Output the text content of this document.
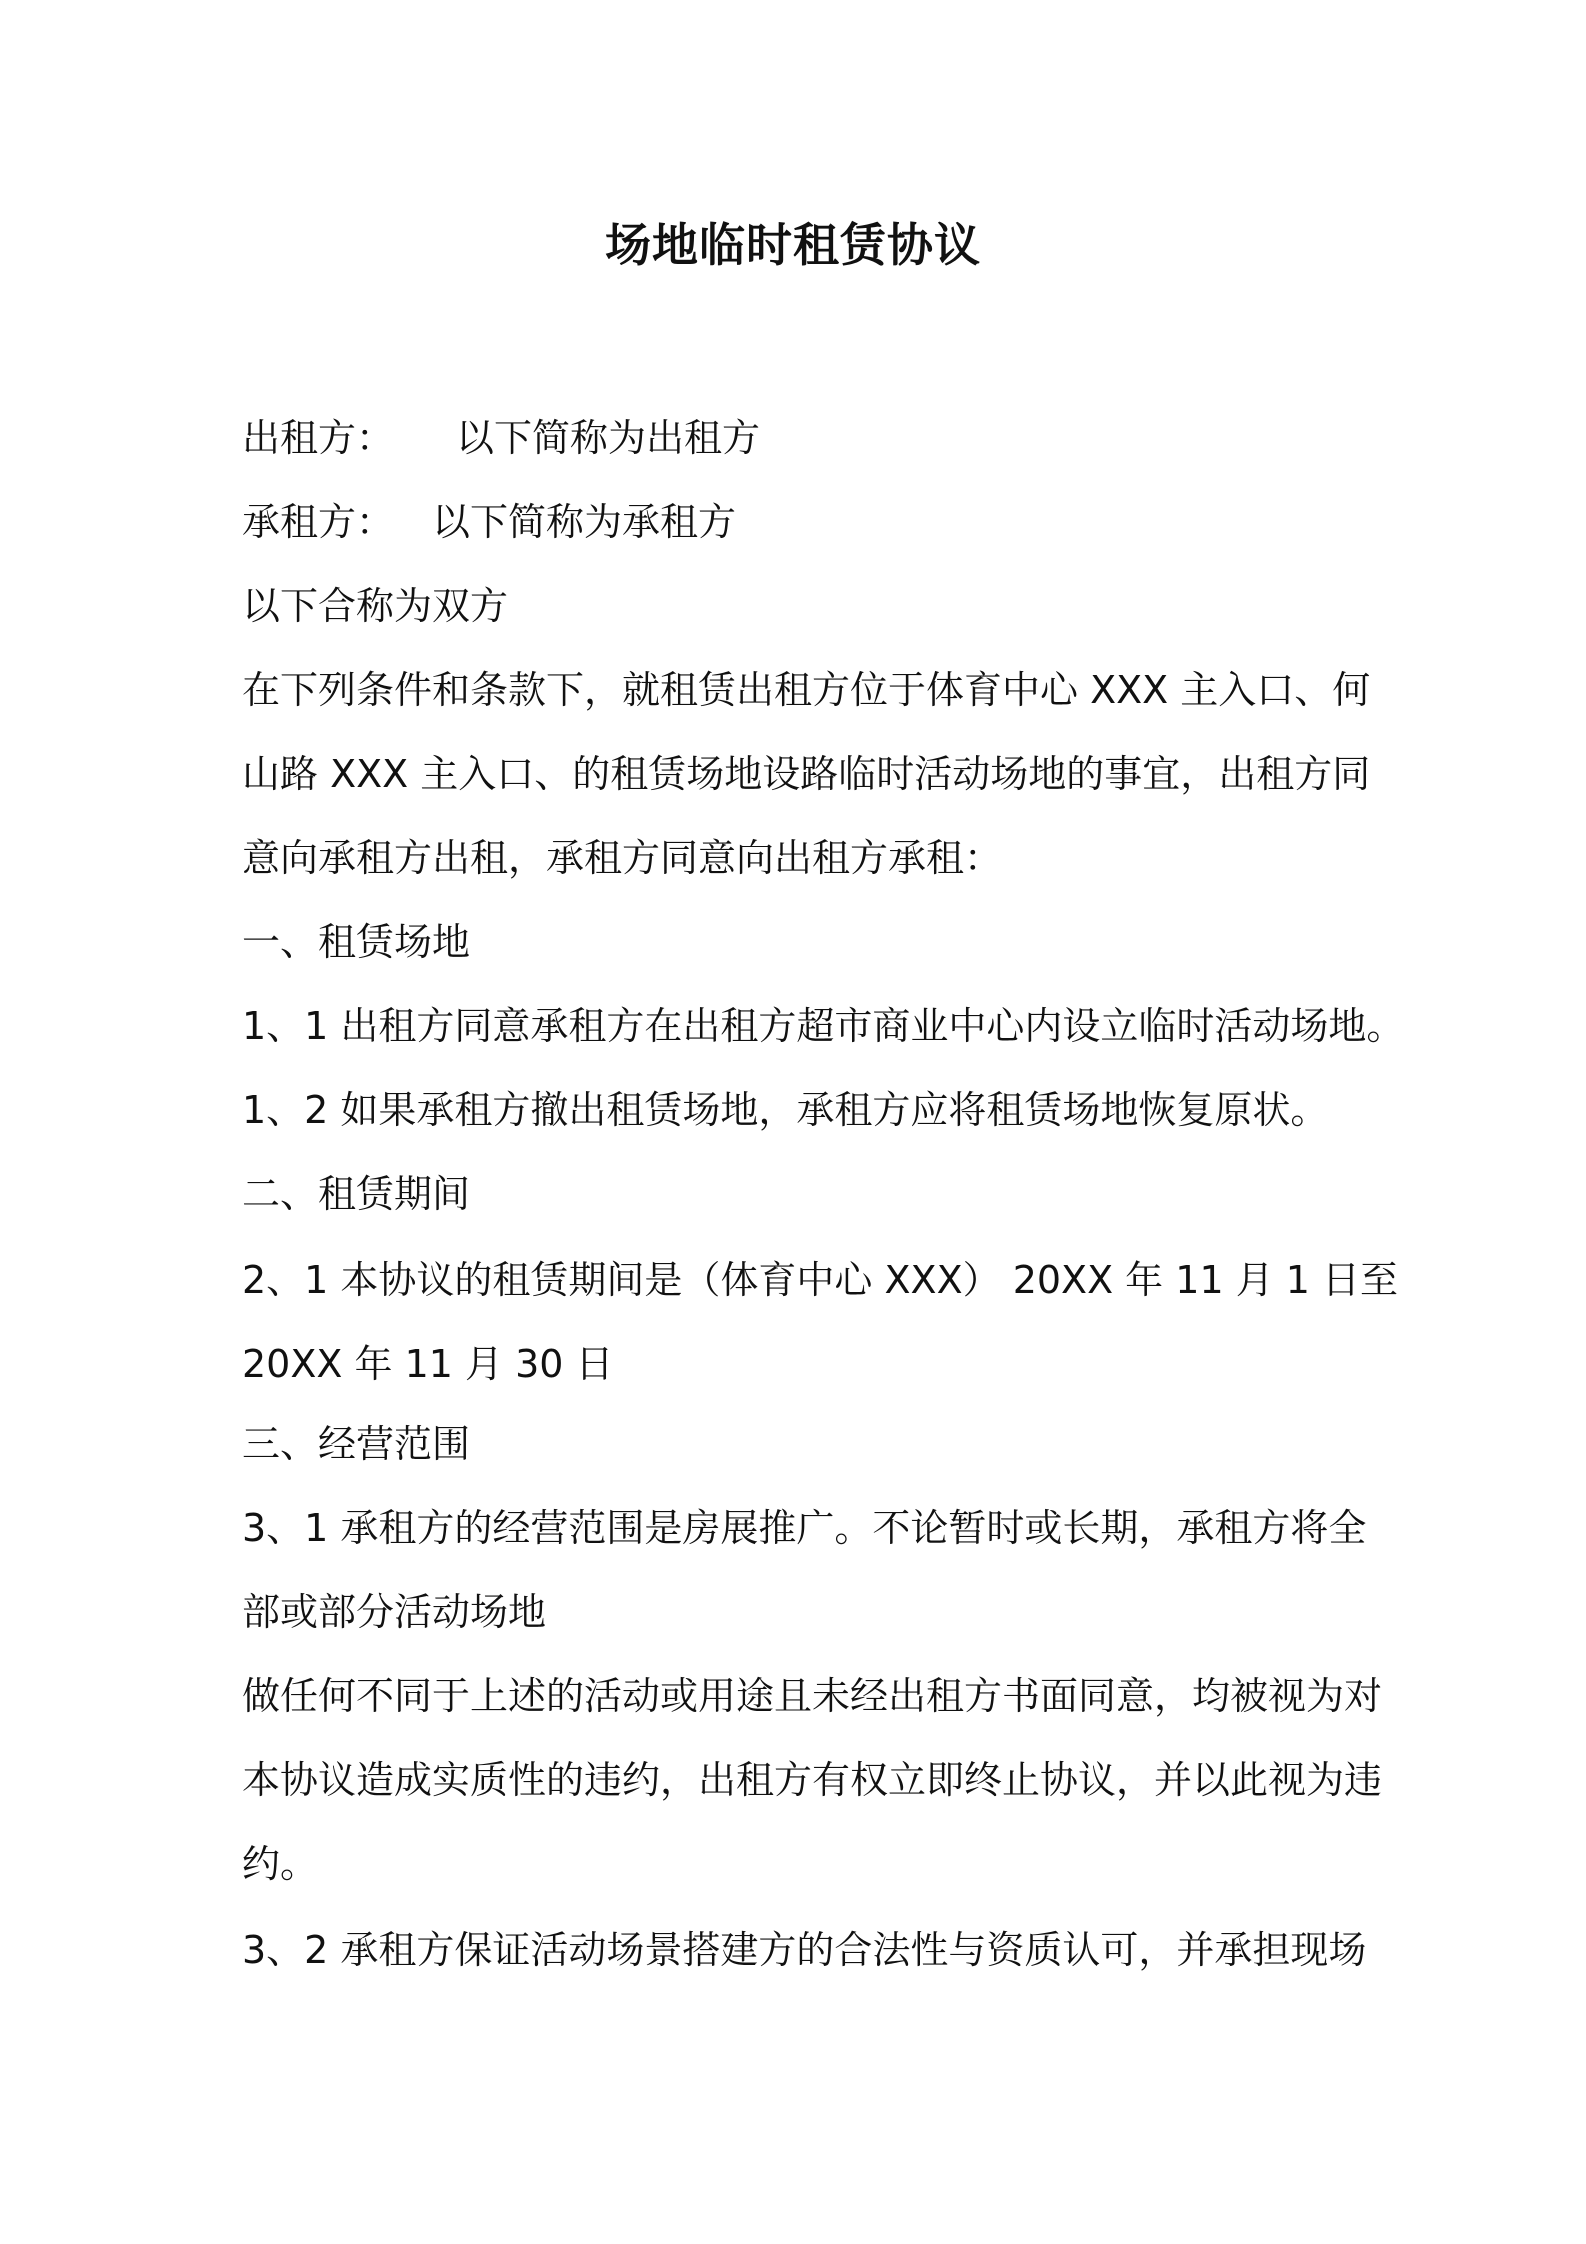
场地临时租赁协议
出租方： 以下简称为出租方
承租方： 以下简称为承租方
以下合称为双方
在下列条件和条款下，就租赁出租方位于体育中心 XXX 主入口、何
山路 XXX 主入口、的租赁场地设路临时活动场地的事宜，出租方同
意向承租方出租，承租方同意向出租方承租：
一、租赁场地
1、1 出租方同意承租方在出租方超市商业中心内设立临时活动场地。
1、2 如果承租方撤出租赁场地，承租方应将租赁场地恢复原状。
二、租赁期间
2、1 本协议的租赁期间是（体育中心 XXX） 20XX 年 11 月 1 日至
20XX 年 11 月 30 日
三、经营范围
3、1 承租方的经营范围是房展推广。不论暂时或长期，承租方将全
部或部分活动场地
做任何不同于上述的活动或用途且未经出租方书面同意，均被视为对
本协议造成实质性的违约，出租方有权立即终止协议，并以此视为违
约。
3、2 承租方保证活动场景搭建方的合法性与资质认可，并承担现场
